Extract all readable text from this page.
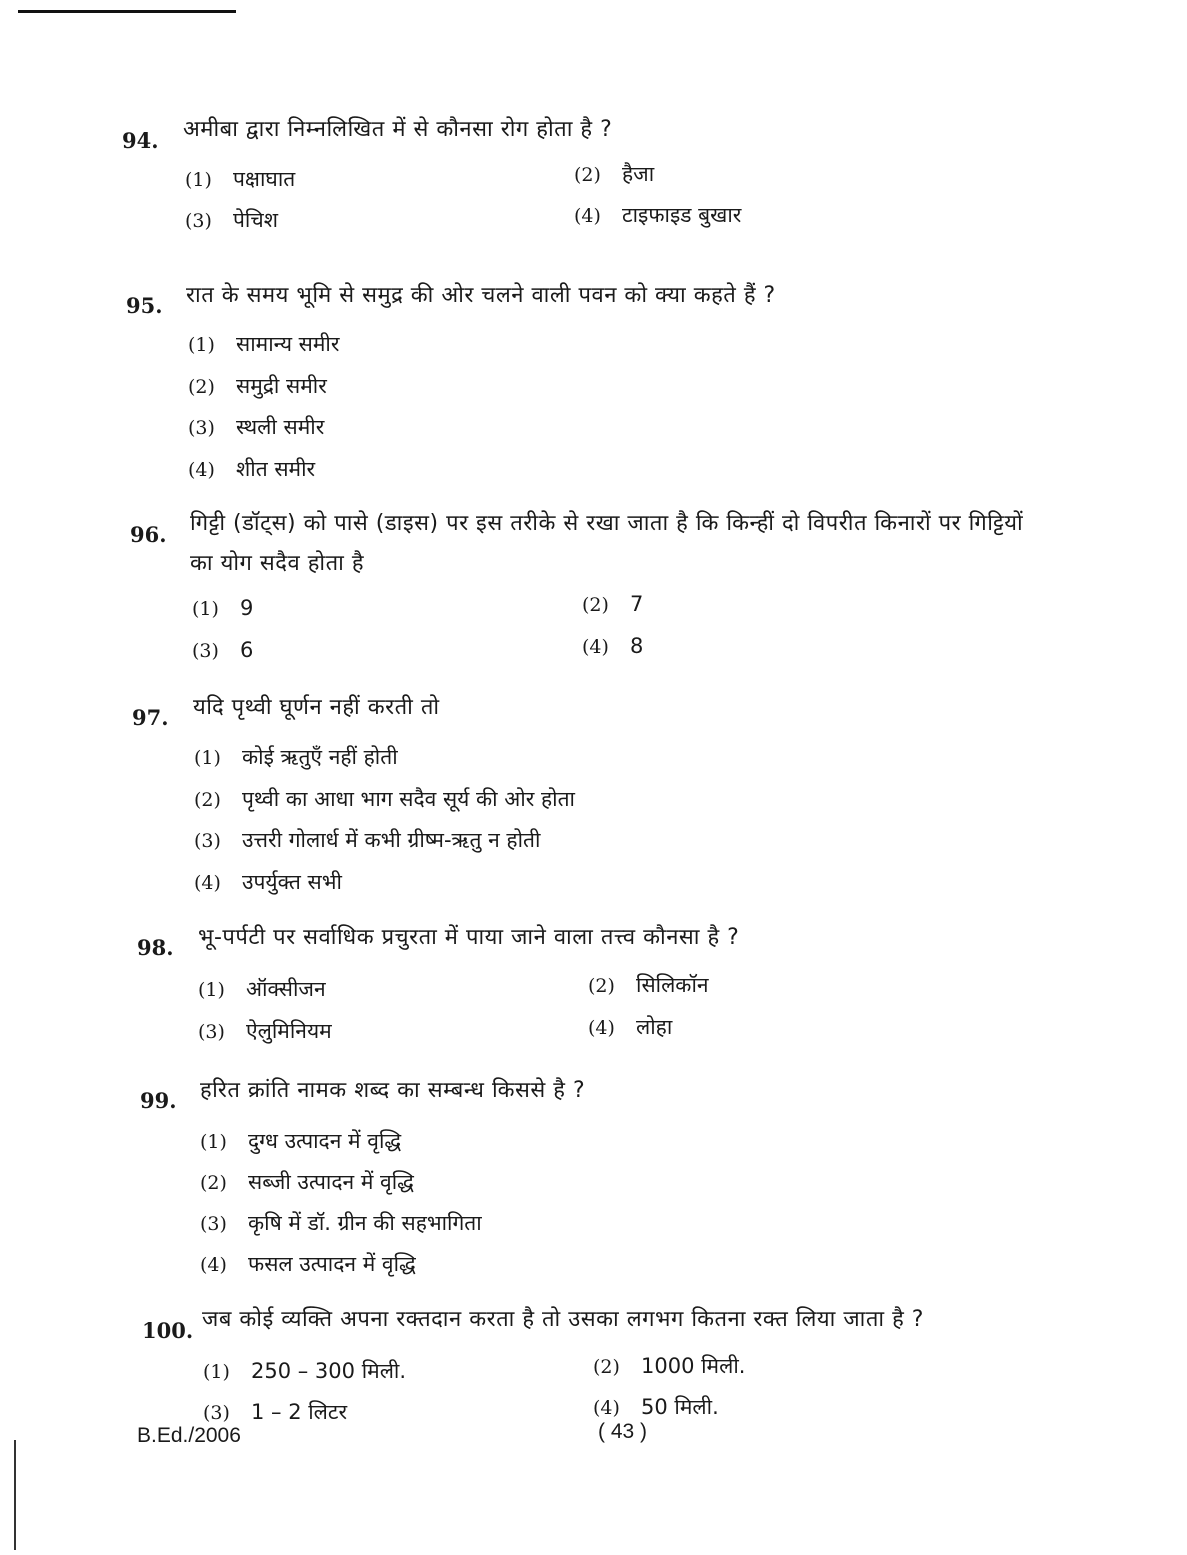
94. अमीबा द्वारा निम्नलिखित में से कौनसा रोग होता है ?
(1) पक्षाघात	(2) हैजा
(3) पेचिश	(4) टाइफाइड बुखार
95. रात के समय भूमि से समुद्र की ओर चलने वाली पवन को क्या कहते हैं ?
(1) सामान्य समीर
(2) समुद्री समीर
(3) स्थली समीर
(4) शीत समीर
96. गिट्टी (डॉट्स) को पासे (डाइस) पर इस तरीके से रखा जाता है कि किन्हीं दो विपरीत किनारों पर गिट्टियों
का योग सदैव होता है
(1) 9	(2) 7
(3) 6	(4) 8
97. यदि पृथ्वी घूर्णन नहीं करती तो
(1) कोई ऋतुएँ नहीं होती
(2) पृथ्वी का आधा भाग सदैव सूर्य की ओर होता
(3) उत्तरी गोलार्ध में कभी ग्रीष्म-ऋतु न होती
(4) उपर्युक्त सभी
98. भू-पर्पटी पर सर्वाधिक प्रचुरता में पाया जाने वाला तत्त्व कौनसा है ?
(1) ऑक्सीजन	(2) सिलिकॉन
(3) ऐलुमिनियम	(4) लोहा
99. हरित क्रांति नामक शब्द का सम्बन्ध किससे है ?
(1) दुग्ध उत्पादन में वृद्धि
(2) सब्जी उत्पादन में वृद्धि
(3) कृषि में डॉ. ग्रीन की सहभागिता
(4) फसल उत्पादन में वृद्धि
100. जब कोई व्यक्ति अपना रक्तदान करता है तो उसका लगभग कितना रक्त लिया जाता है ?
(1) 250 – 300 मिली.	(2) 1000 मिली.
(3) 1 – 2 लिटर	(4) 50 मिली.
B.Ed./2006	( 43 )
